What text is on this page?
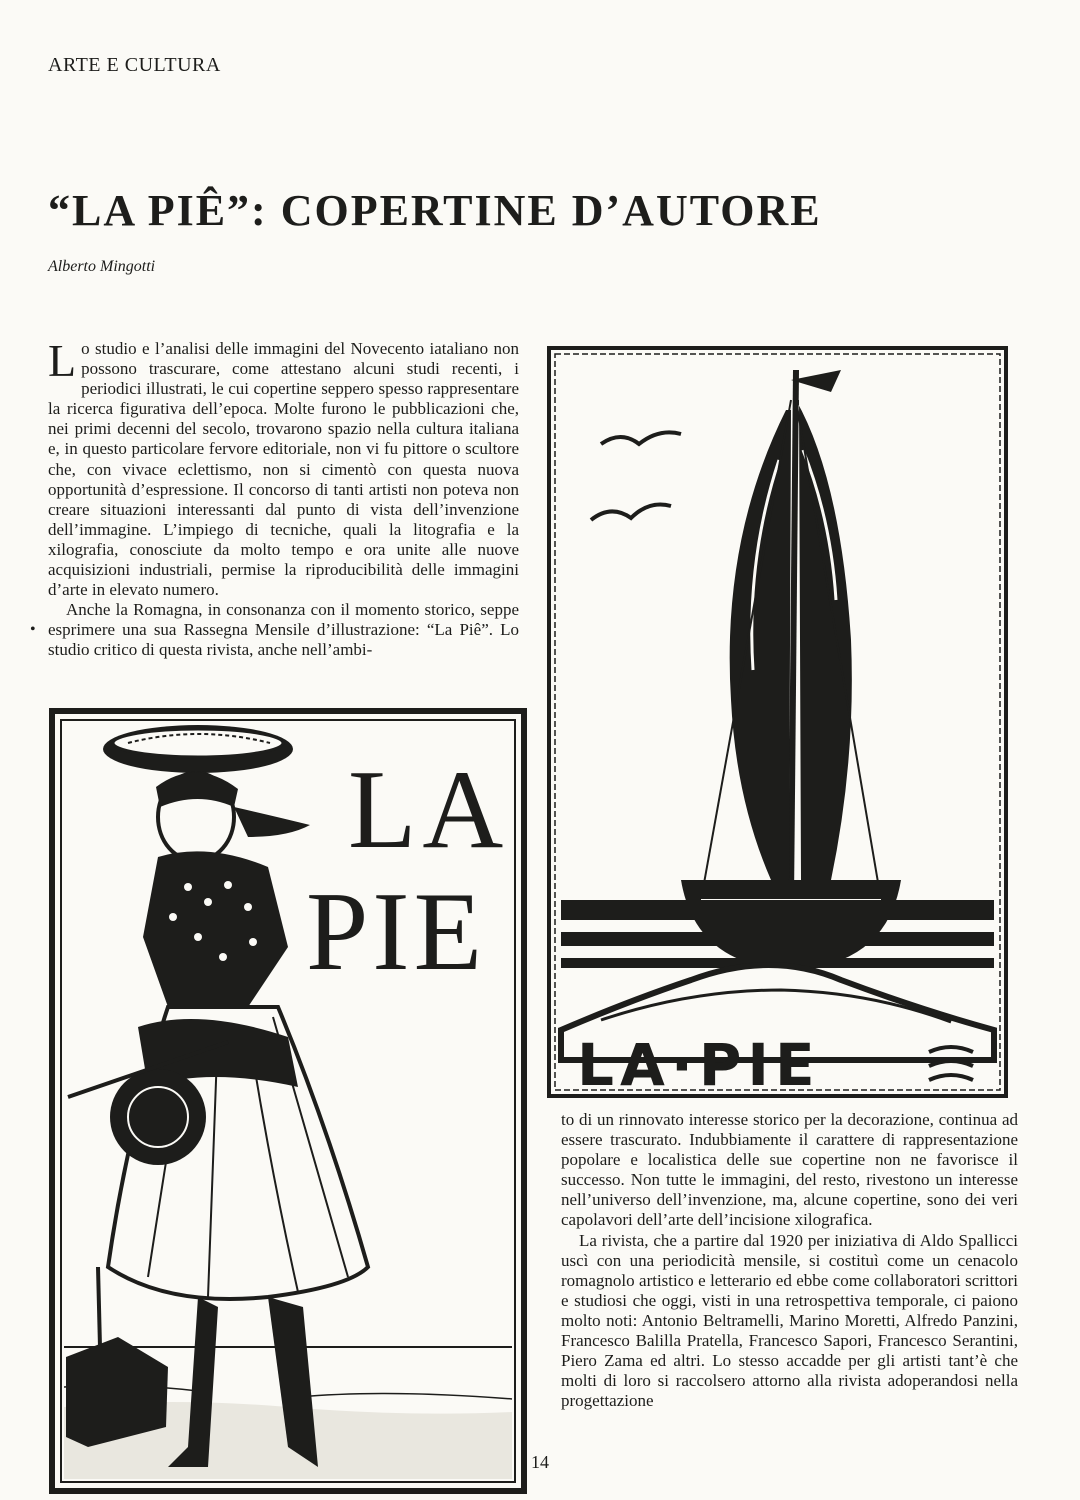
ARTE E CULTURA
“LA PIÊ”: COPERTINE D’AUTORE
Alberto Mingotti

Lo studio e l’analisi delle immagini del Novecento iataliano non possono trascurare, come attestano alcuni studi recenti, i periodici illustrati, le cui copertine seppero spesso rappresentare la ricerca figurativa dell’epoca. Molte furono le pubblicazioni che, nei primi decenni del secolo, trovarono spazio nella cultura italiana e, in questo particolare fervore editoriale, non vi fu pittore o scultore che, con vivace eclettismo, non si cimentò con questa nuova opportunità d’espressione. Il concorso di tanti artisti non poteva non creare situazioni interessanti dal punto di vista dell’invenzione dell’immagine. L’impiego di tecniche, quali la litografia e la xilografia, conosciute da molto tempo e ora unite alle nuove acquisizioni industriali, permise la riproducibilità delle immagini d’arte in elevato numero.

Anche la Romagna, in consonanza con il momento storico, seppe esprimere una sua Rassegna Mensile d’illustrazione: “La Piê”. Lo studio critico di questa rivista, anche nell’ambi-

•
LA
PIE
LA·PIE

to di un rinnovato interesse storico per la decorazione, continua ad essere trascurato. Indubbiamente il carattere di rappresentazione popolare e localistica delle sue copertine non ne favorisce il successo. Non tutte le immagini, del resto, rivestono un interesse nell’universo dell’invenzione, ma, alcune copertine, sono dei veri capolavori dell’arte dell’incisione xilografica.

La rivista, che a partire dal 1920 per iniziativa di Aldo Spallicci uscì con una periodicità mensile, si costituì come un cenacolo romagnolo artistico e letterario ed ebbe come collaboratori scrittori e studiosi che oggi, visti in una retrospettiva temporale, ci paiono molto noti: Antonio Beltramelli, Marino Moretti, Alfredo Panzini, Francesco Balilla Pratella, Francesco Sapori, Francesco Serantini, Piero Zama ed altri. Lo stesso accadde per gli artisti tant’è che molti di loro si raccolsero attorno alla rivista adoperandosi nella progettazione

14
